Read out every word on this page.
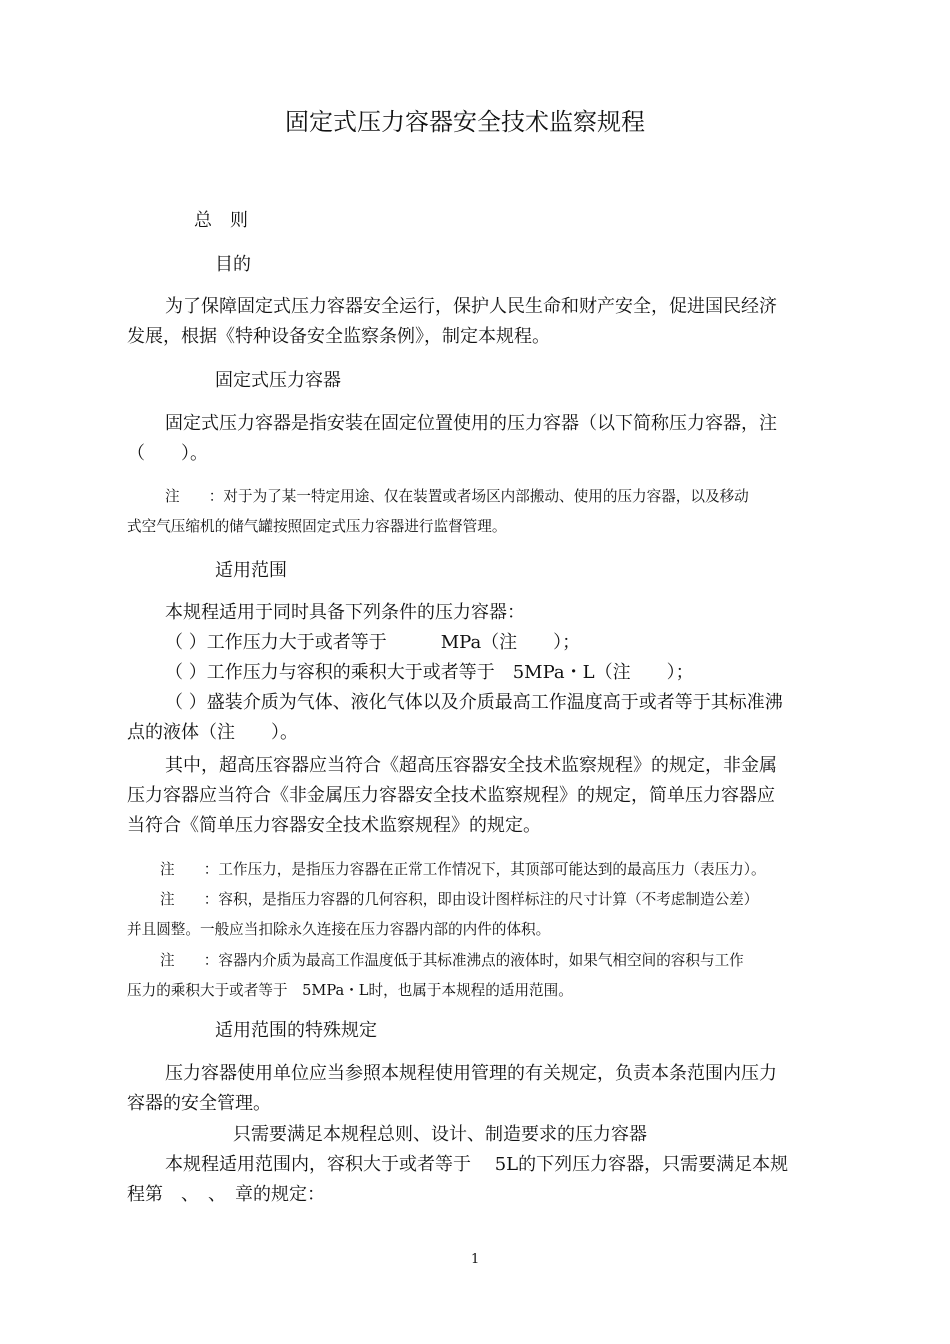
固定式压力容器安全技术监察规程
总　则
目的
为了保障固定式压力容器安全运行，保护人民生命和财产安全，促进国民经济
发展，根据《特种设备安全监察条例》，制定本规程。
固定式压力容器
固定式压力容器是指安装在固定位置使用的压力容器（以下简称压力容器，注
（　　）。
注　　：对于为了某一特定用途、仅在装置或者场区内部搬动、使用的压力容器，以及移动
式空气压缩机的储气罐按照固定式压力容器进行监督管理。
适用范围
本规程适用于同时具备下列条件的压力容器：
（ ）工作压力大于或者等于　　　MPa（注　　）；
（ ）工作压力与容积的乘积大于或者等于　5MPa・L（注　　）；
（ ）盛装介质为气体、液化气体以及介质最高工作温度高于或者等于其标准沸
点的液体（注　　）。
其中，超高压容器应当符合《超高压容器安全技术监察规程》的规定，非金属
压力容器应当符合《非金属压力容器安全技术监察规程》的规定，简单压力容器应
当符合《简单压力容器安全技术监察规程》的规定。
注　　：工作压力，是指压力容器在正常工作情况下，其顶部可能达到的最高压力（表压力）。
注　　：容积，是指压力容器的几何容积，即由设计图样标注的尺寸计算（不考虑制造公差）
并且圆整。一般应当扣除永久连接在压力容器内部的内件的体积。
注　　：容器内介质为最高工作温度低于其标准沸点的液体时，如果气相空间的容积与工作
压力的乘积大于或者等于　5MPa・L时，也属于本规程的适用范围。
适用范围的特殊规定
压力容器使用单位应当参照本规程使用管理的有关规定，负责本条范围内压力
容器的安全管理。
只需要满足本规程总则、设计、制造要求的压力容器
本规程适用范围内，容积大于或者等于　 5L的下列压力容器，只需要满足本规
程第　、　、　章的规定：
1
